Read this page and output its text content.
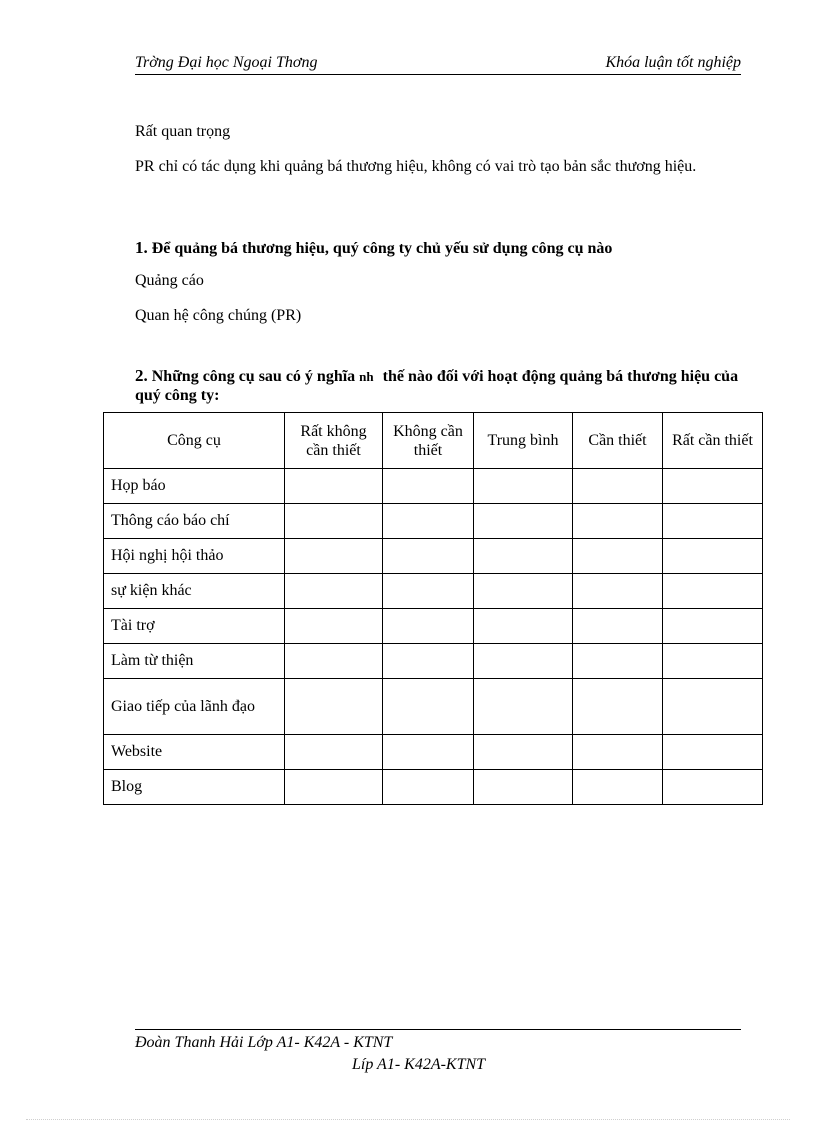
Trờng Đại học Ngoại Thơng	Khóa luận tốt nghiệp
Rất quan trọng
PR chỉ có tác dụng khi quảng bá thương hiệu, không có vai trò tạo bản sắc thương hiệu.
1. Để quảng bá thương hiệu, quý công ty chủ yếu sử dụng công cụ nào
Quảng cáo
Quan hệ công chúng (PR)
2. Những công cụ sau có ý nghĩa nh thế nào đối với hoạt động quảng bá thương hiệu của quý công ty:
Công cụ	Rất không cần thiết	Không cần thiết	Trung bình	Cần thiết	Rất cần thiết
Họp báo					
Thông cáo báo chí					
Hội nghị hội thảo					
sự kiện khác					
Tài trợ					
Làm từ thiện					
Giao tiếp của lãnh đạo					
Website					
Blog					
Đoàn Thanh Hải Lớp A1- K42A - KTNT
Líp A1- K42A-KTNT
